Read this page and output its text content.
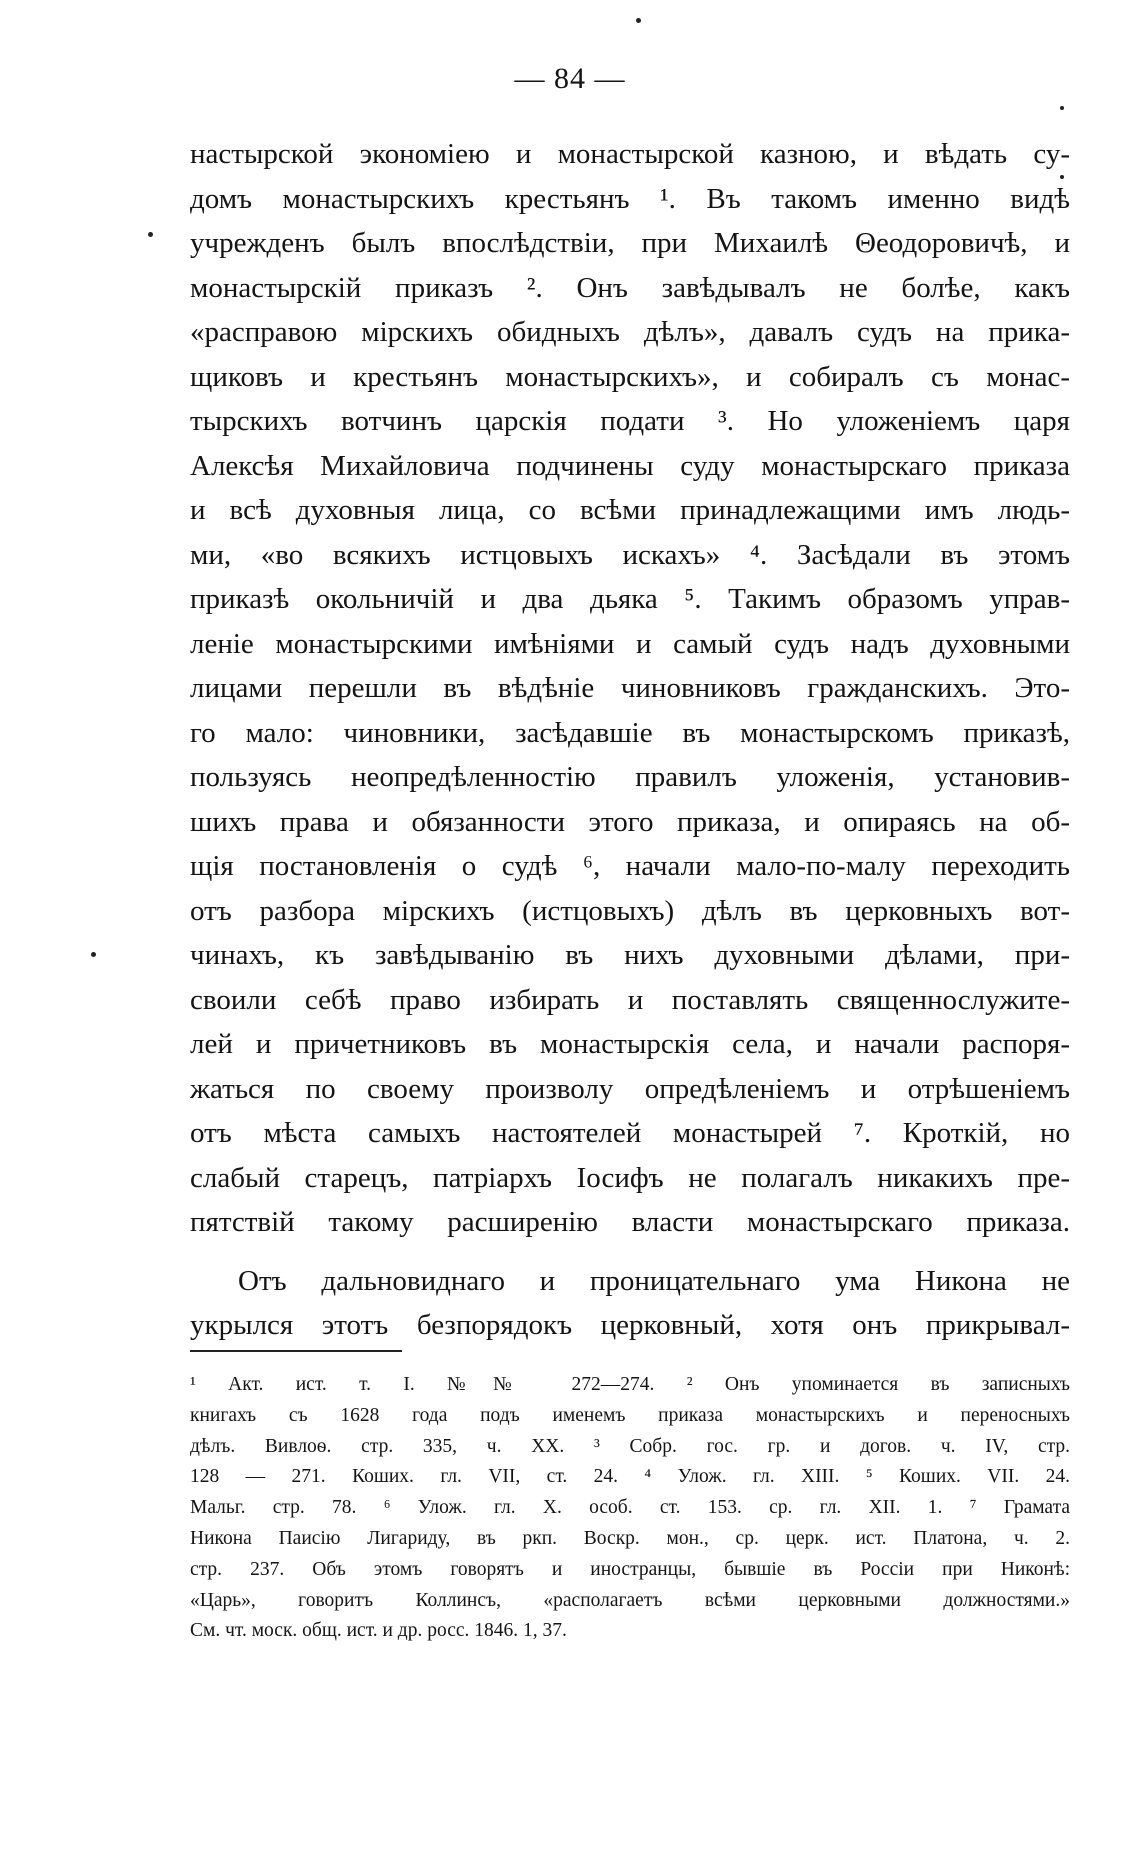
— 84 —
настырской экономiею и монастырской казною, и вѣдать су-
домъ монастырскихъ крестьянъ ¹. Въ такомъ именно видѣ
учрежденъ былъ впослѣдствiи, при Михаилѣ Θеодоровичѣ, и
монастырскiй приказъ ². Онъ завѣдывалъ не болѣе, какъ
«расправою мiрскихъ обидныхъ дѣлъ», давалъ судъ на прика-
щиковъ и крестьянъ монастырскихъ», и собиралъ съ монас-
тырскихъ вотчинъ царскiя подати ³. Но уложенiемъ царя
Алексѣя Михайловича подчинены суду монастырскаго приказа
и всѣ духовныя лица, со всѣми принадлежащими имъ людь-
ми, «во всякихъ истцовыхъ искахъ» ⁴. Засѣдали въ этомъ
приказѣ окольничiй и два дьяка ⁵. Такимъ образомъ управ-
ленiе монастырскими имѣнiями и самый судъ надъ духовными
лицами перешли въ вѣдѣнiе чиновниковъ гражданскихъ. Это-
го мало: чиновники, засѣдавшiе въ монастырскомъ приказѣ,
пользуясь неопредѣленностiю правилъ уложенiя, установив-
шихъ права и обязанности этого приказа, и опираясь на об-
щiя постановленiя о судѣ ⁶, начали мало-по-малу переходить
отъ разбора мiрскихъ (истцовыхъ) дѣлъ въ церковныхъ вот-
чинахъ, къ завѣдыванiю въ нихъ духовными дѣлами, при-
своили себѣ право избирать и поставлять священнослужите-
лей и причетниковъ въ монастырскiя села, и начали распоря-
жаться по своему произволу опредѣленiемъ и отрѣшенiемъ
отъ мѣста самыхъ настоятелей монастырей ⁷. Кроткiй, но
слабый старецъ, патрiархъ Iосифъ не полагалъ никакихъ пре-
пятствiй такому расширенiю власти монастырскаго приказа.
Отъ дальновиднаго и проницательнаго ума Никона не
укрылся этотъ безпорядокъ церковный, хотя онъ прикрывал-
¹ Акт. ист. т. I. №№ 272—274. ² Онъ упоминается въ записныхъ
книгахъ съ 1628 года подъ именемъ приказа монастырскихъ и переносныхъ
дѣлъ. Вивлоѳ. стр. 335, ч. XX. ³ Собр. гос. гр. и догов. ч. IV, стр.
128 — 271. Коших. гл. VII, ст. 24. ⁴ Улож. гл. XIII. ⁵ Коших. VII. 24.
Мальг. стр. 78. ⁶ Улож. гл. X. особ. ст. 153. ср. гл. XII. 1. ⁷ Грамата
Никона Паисiю Лигариду, въ ркп. Воскр. мон., ср. церк. ист. Платона, ч. 2.
стр. 237. Объ этомъ говорятъ и иностранцы, бывшiе въ Россiи при Никонѣ:
«Царь», говоритъ Коллинсъ, «располагаетъ всѣми церковными должностями.»
См. чт. моск. общ. ист. и др. росс. 1846. 1, 37.
